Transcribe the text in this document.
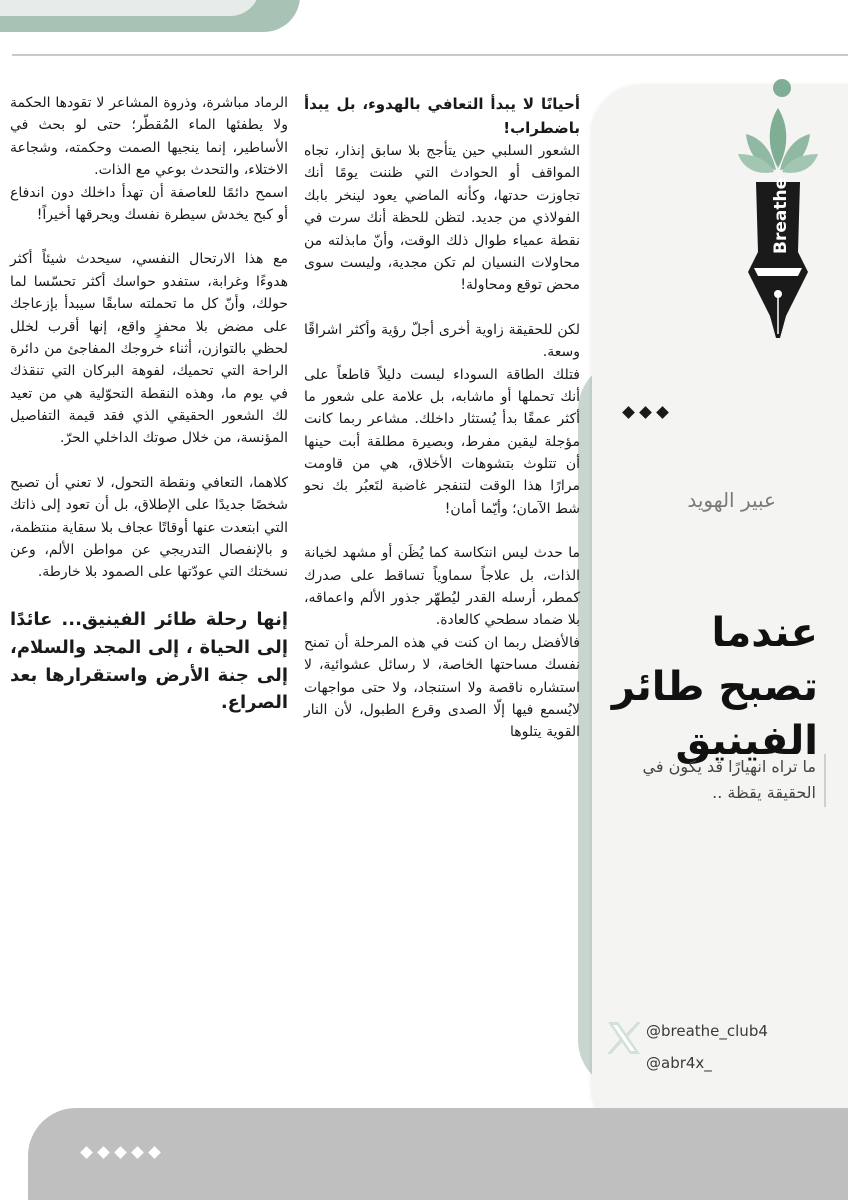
Breathe
عبير الهويد
عندما تصبح طائر الفينيق
ما تراه انهيارًا قد يكون في الحقيقة يقظة ..
@breathe_club4
@abr4x_

أحيانًا لا يبدأ التعافي بالهدوء، بل يبدأ باضطراب!

الشعور السلبي حين يتأجج بلا سابق إنذار، تجاه المواقف أو الحوادث التي ظننت يومًا أنك تجاوزت حدتها، وكأنه الماضي يعود لينخر بابك الفولاذي من جديد. لتظن للحظة أنك سرت في نقطة عمياء طوال ذلك الوقت، وأنّ مابذلته من محاولات النسيان لم تكن مجدية، وليست سوى محض توقع ومحاولة!

لكن للحقيقة زاوية أخرى أجلّ رؤية وأكثر اشراقًا وسعة.

فتلك الطاقة السوداء ليست دليلاً قاطعاً على أنك تحملها أو ماشابه، بل علامة على شعور ما أكثر عمقًا بدأ يُستثار داخلك. مشاعر ربما كانت مؤجلة ليقين مفرط، وبصيرة مطلقة أبت حينها أن تتلوث بتشوهات الأخلاق، هي من قاومت مرارًا هذا الوقت لتنفجر غاضبة لتَعبُر بك نحو شط الآمان؛ وأيّما أمان!

ما حدث ليس انتكاسة كما يُظَن أو مشهد لخيانة الذات، بل علاجاً سماوياً تساقط على صدرك كمطر، أرسله القدر ليُطهّر جذور الألم واعماقه، بلا ضماد سطحي كالعادة.

فالأفضل ربما ان كنت في هذه المرحلة أن تمنح نفسك مساحتها الخاصة، لا رسائل عشوائية، لا استشاره ناقصة ولا استنجاد، ولا حتى مواجهات لايُسمع فيها إلّا الصدى وقرع الطبول، لأن النار القوية يتلوها

الرماد مباشرة، وذروة المشاعر لا تقودها الحكمة ولا يطفئها الماء المُقطّر؛ حتى لو بحث في الأساطير، إنما ينجيها الصمت وحكمته، وشجاعة الاختلاء، والتحدث بوعي مع الذات.

اسمح دائمًا للعاصفة أن تهدأ داخلك دون اندفاع أو كبح يخدش سيطرة نفسك ويحرقها أخيراً!

مع هذا الارتحال النفسي، سيحدث شيئاً أكثر هدوءًا وغرابة، ستفدو حواسك أكثر تحسّسا لما حولك، وأنّ كل ما تحملته سابقًا سيبدأ بإزعاجك على مضض بلا محفزٍ واقع، إنها أقرب لخلل لحظي بالتوازن، أثناء خروجك المفاجئ من دائرة الراحة التي تحميك، لفوهة البركان التي تنقذك في يوم ما، وهذه النقطة التحوّلية هي من تعيد لك الشعور الحقيقي الذي فقد قيمة التفاصيل المؤنسة، من خلال صوتك الداخلي الحرّ.

كلاهما، التعافي ونقطة التحول، لا تعني أن تصبح شخصًا جديدًا على الإطلاق، بل أن تعود إلى ذاتك التي ابتعدت عنها أوقاتًا عجاف بلا سقاية منتظمة، و بالإنفصال التدريجي عن مواطن الألم، وعن نسختك التي عودّتها على الصمود بلا خارطة.

إنها رحلة طائر الفينيق... عائدًا إلى الحياة ، إلى المجد والسلام، إلى جنة الأرض واستقرارها بعد الصراع.
